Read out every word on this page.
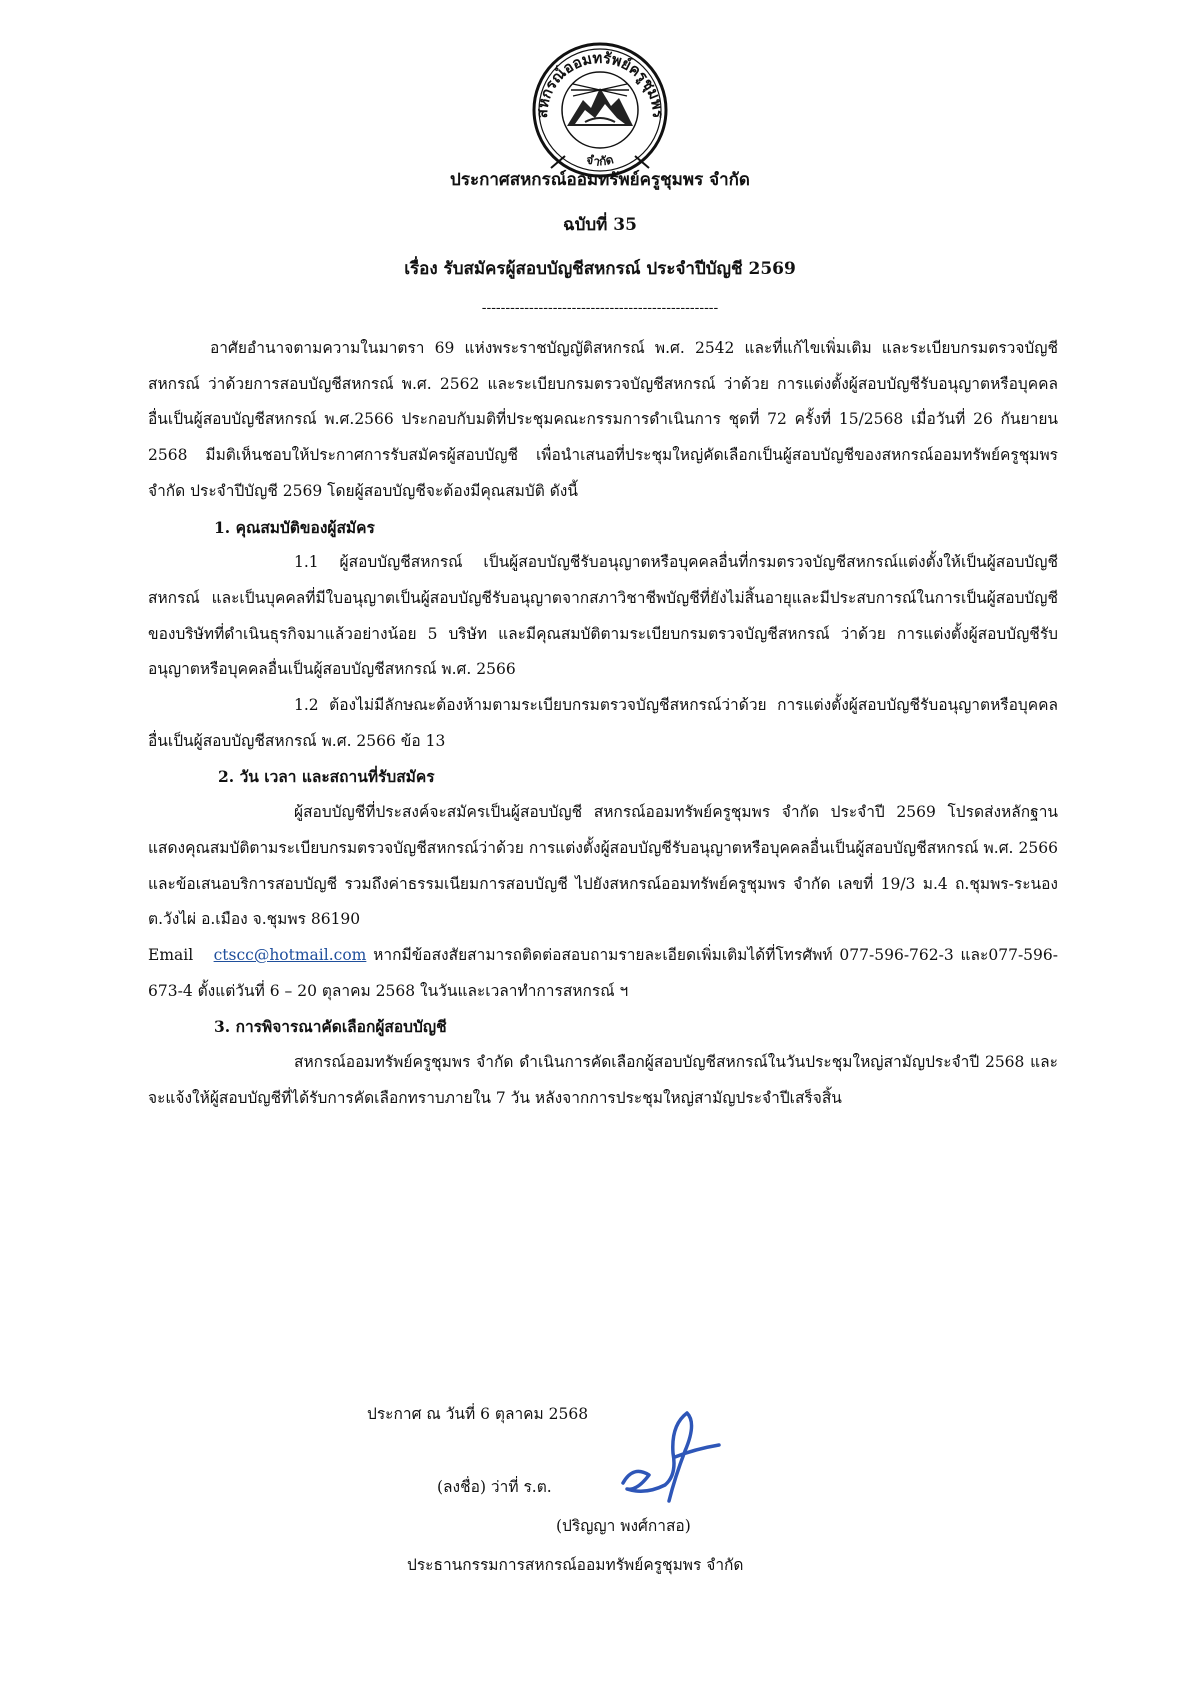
สหกรณ์ออมทรัพย์ครูชุมพร
จำกัด
ประกาศสหกรณ์ออมทรัพย์ครูชุมพร จำกัด
ฉบับที่ 35
เรื่อง รับสมัครผู้สอบบัญชีสหกรณ์ ประจำปีบัญชี 2569
--------------------------------------------------

อาศัยอำนาจตามความในมาตรา 69 แห่งพระราชบัญญัติสหกรณ์ พ.ศ. 2542 และที่แก้ไขเพิ่มเติม และระเบียบกรมตรวจบัญชีสหกรณ์ ว่าด้วยการสอบบัญชีสหกรณ์ พ.ศ. 2562 และระเบียบกรมตรวจบัญชีสหกรณ์ ว่าด้วย การแต่งตั้งผู้สอบบัญชีรับอนุญาตหรือบุคคลอื่นเป็นผู้สอบบัญชีสหกรณ์ พ.ศ.2566 ประกอบกับมติที่ประชุมคณะกรรมการดำเนินการ ชุดที่ 72 ครั้งที่ 15/2568 เมื่อวันที่ 26 กันยายน 2568 มีมติเห็นชอบให้ประกาศการรับสมัครผู้สอบบัญชี เพื่อนำเสนอที่ประชุมใหญ่คัดเลือกเป็นผู้สอบบัญชีของสหกรณ์ออมทรัพย์ครูชุมพร จำกัด ประจำปีบัญชี 2569 โดยผู้สอบบัญชีจะต้องมีคุณสมบัติ ดังนี้

1. คุณสมบัติของผู้สมัคร

1.1 ผู้สอบบัญชีสหกรณ์ เป็นผู้สอบบัญชีรับอนุญาตหรือบุคคลอื่นที่กรมตรวจบัญชีสหกรณ์แต่งตั้งให้เป็นผู้สอบบัญชีสหกรณ์ และเป็นบุคคลที่มีใบอนุญาตเป็นผู้สอบบัญชีรับอนุญาตจากสภาวิชาชีพบัญชีที่ยังไม่สิ้นอายุและมีประสบการณ์ในการเป็นผู้สอบบัญชีของบริษัทที่ดำเนินธุรกิจมาแล้วอย่างน้อย 5 บริษัท และมีคุณสมบัติตามระเบียบกรมตรวจบัญชีสหกรณ์ ว่าด้วย การแต่งตั้งผู้สอบบัญชีรับอนุญาตหรือบุคคลอื่นเป็นผู้สอบบัญชีสหกรณ์ พ.ศ. 2566

1.2 ต้องไม่มีลักษณะต้องห้ามตามระเบียบกรมตรวจบัญชีสหกรณ์ว่าด้วย การแต่งตั้งผู้สอบบัญชีรับอนุญาตหรือบุคคลอื่นเป็นผู้สอบบัญชีสหกรณ์ พ.ศ. 2566 ข้อ 13

2. วัน เวลา และสถานที่รับสมัคร

ผู้สอบบัญชีที่ประสงค์จะสมัครเป็นผู้สอบบัญชี สหกรณ์ออมทรัพย์ครูชุมพร จำกัด ประจำปี 2569 โปรดส่งหลักฐานแสดงคุณสมบัติตามระเบียบกรมตรวจบัญชีสหกรณ์ว่าด้วย การแต่งตั้งผู้สอบบัญชีรับอนุญาตหรือบุคคลอื่นเป็นผู้สอบบัญชีสหกรณ์ พ.ศ. 2566 และข้อเสนอบริการสอบบัญชี รวมถึงค่าธรรมเนียมการสอบบัญชี ไปยังสหกรณ์ออมทรัพย์ครูชุมพร จำกัด เลขที่ 19/3 ม.4 ถ.ชุมพร-ระนอง ต.วังไผ่ อ.เมือง จ.ชุมพร 86190

Email ctscc@hotmail.com หากมีข้อสงสัยสามารถติดต่อสอบถามรายละเอียดเพิ่มเติมได้ที่โทรศัพท์ 077-596-762-3 และ077-596-673-4 ตั้งแต่วันที่ 6 – 20 ตุลาคม 2568 ในวันและเวลาทำการสหกรณ์ ฯ

3. การพิจารณาคัดเลือกผู้สอบบัญชี

สหกรณ์ออมทรัพย์ครูชุมพร จำกัด ดำเนินการคัดเลือกผู้สอบบัญชีสหกรณ์ในวันประชุมใหญ่สามัญประจำปี 2568 และจะแจ้งให้ผู้สอบบัญชีที่ได้รับการคัดเลือกทราบภายใน 7 วัน หลังจากการประชุมใหญ่สามัญประจำปีเสร็จสิ้น

ประกาศ ณ วันที่ 6 ตุลาคม 2568
(ลงชื่อ) ว่าที่ ร.ต.
(ปริญญา พงศ์กาสอ)
ประธานกรรมการสหกรณ์ออมทรัพย์ครูชุมพร จำกัด
